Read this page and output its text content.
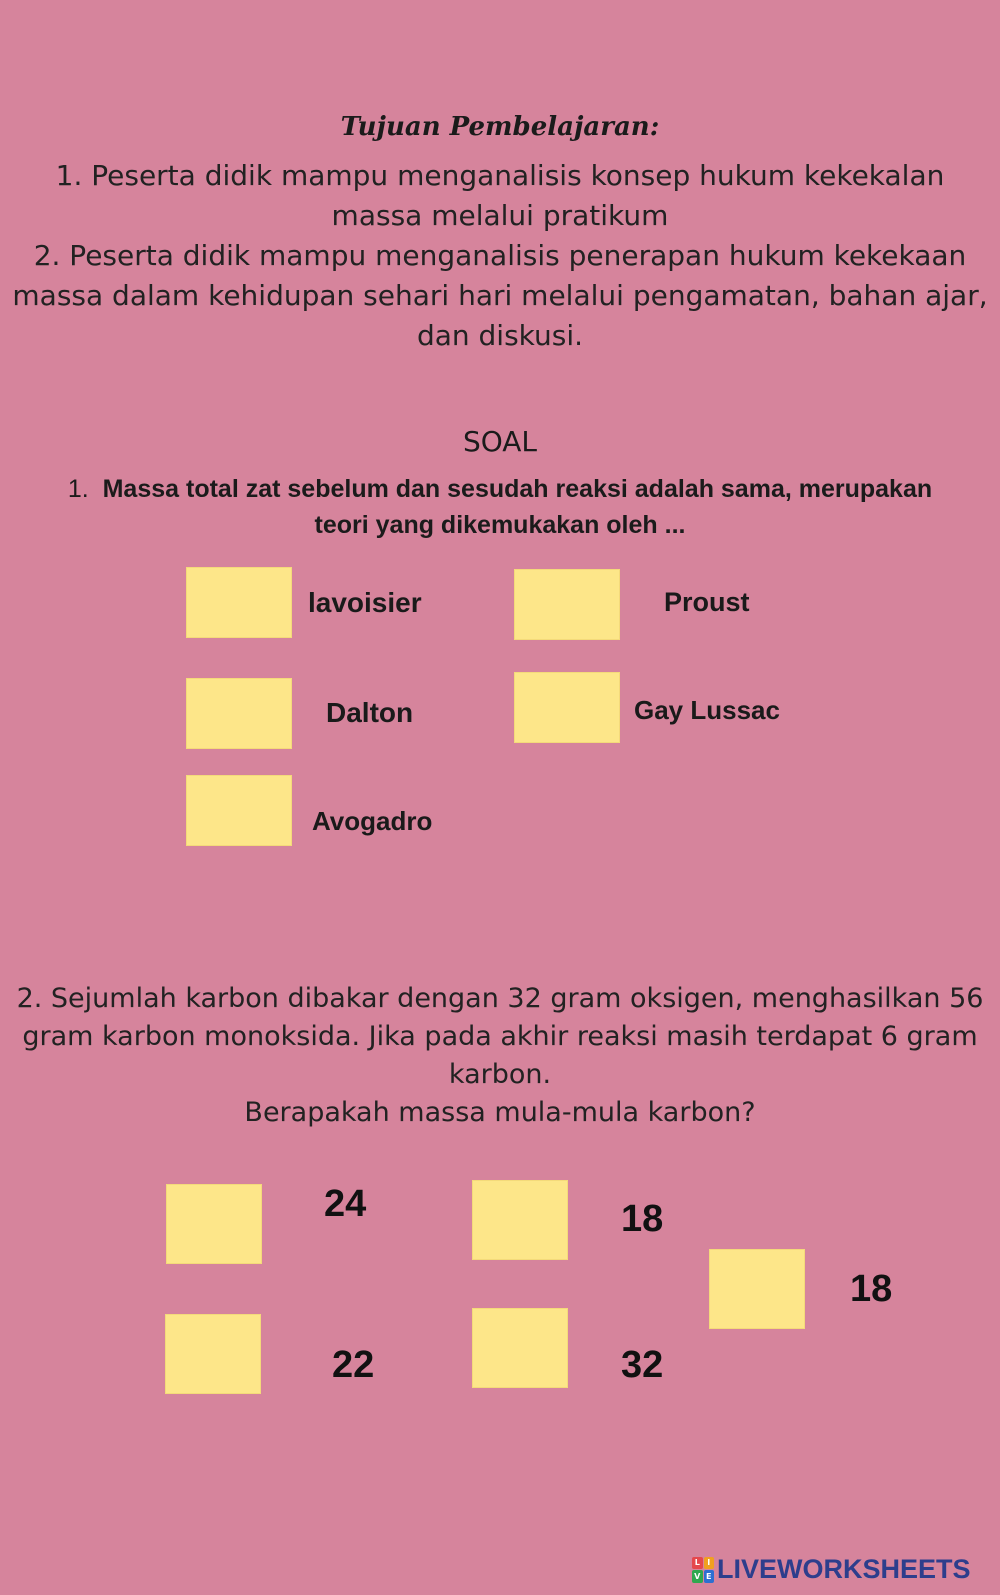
Tujuan Pembelajaran:
1. Peserta didik mampu menganalisis konsep hukum kekekalan
massa melalui pratikum
2. Peserta didik mampu menganalisis penerapan hukum kekekaan
massa dalam kehidupan sehari hari melalui pengamatan, bahan ajar,
dan diskusi.
SOAL
1. Massa total zat sebelum dan sesudah reaksi adalah sama, merupakan
teori yang dikemukakan oleh ...
lavoisier	Proust
Dalton	Gay Lussac
Avogadro
2. Sejumlah karbon dibakar dengan 32 gram oksigen, menghasilkan 56
gram karbon monoksida. Jika pada akhir reaksi masih terdapat 6 gram
karbon.
Berapakah massa mula-mula karbon?
24	18
18
22	32
L I
V E LIVEWORKSHEETS
